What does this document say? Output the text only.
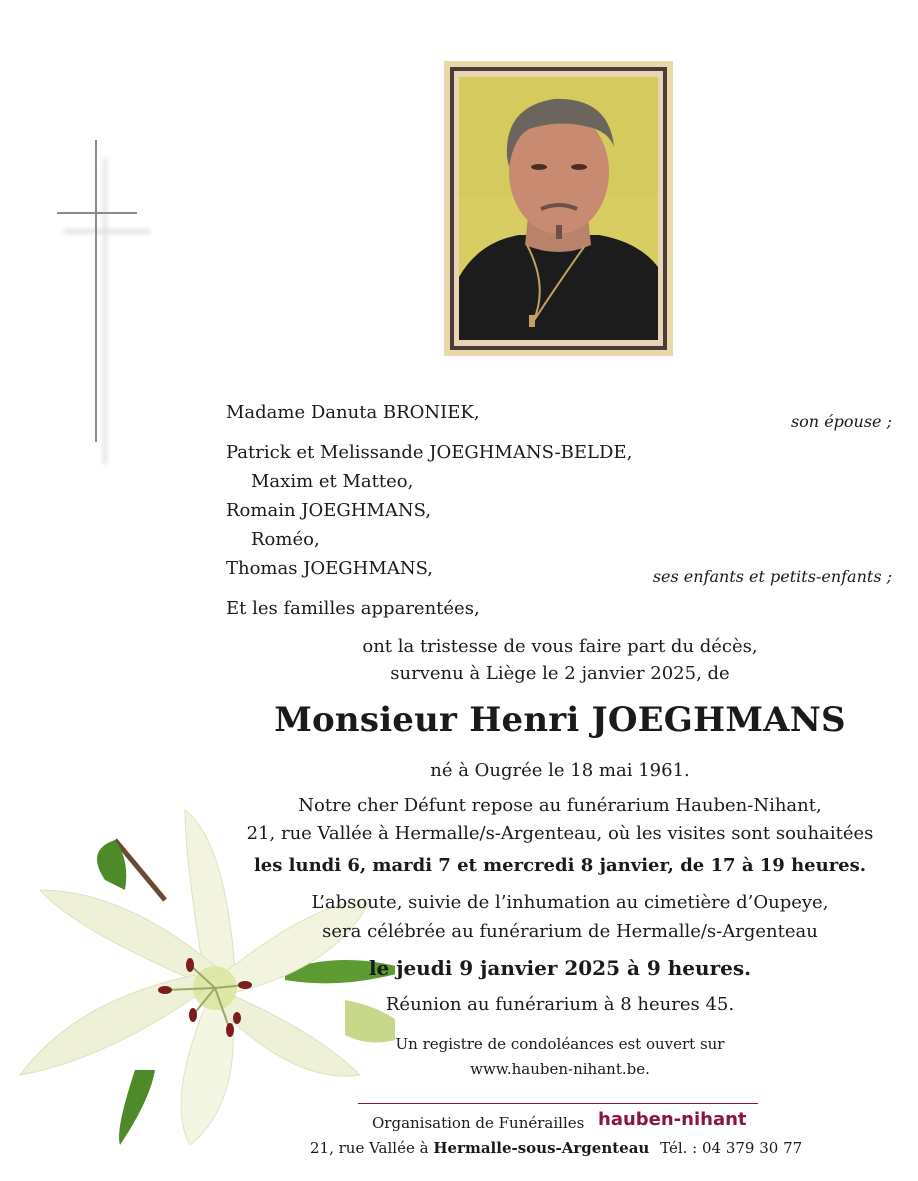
Madame Danuta BRONIEK,	son épouse ;
Patrick et Melissande JOEGHMANS-BELDE,
Maxim et Matteo,
Romain JOEGHMANS,
Roméo,
Thomas JOEGHMANS,	ses enfants et petits-enfants ;
Et les familles apparentées,
ont la tristesse de vous faire part du décès,
survenu à Liège le 2 janvier 2025, de
Monsieur Henri JOEGHMANS
né à Ougrée le 18 mai 1961.
Notre cher Défunt repose au funérarium Hauben-Nihant,
21, rue Vallée à Hermalle/s-Argenteau, où les visites sont souhaitées
les lundi 6, mardi 7 et mercredi 8 janvier, de 17 à 19 heures.
L’absoute, suivie de l’inhumation au cimetière d’Oupeye,
sera célébrée au funérarium de Hermalle/s-Argenteau
le jeudi 9 janvier 2025 à 9 heures.
Réunion au funérarium à 8 heures 45.
Un registre de condoléances est ouvert sur
www.hauben-nihant.be.
Organisation de Funérailles hauben-nihant
21, rue Vallée à Hermalle-sous-Argenteau Tél. : 04 379 30 77
